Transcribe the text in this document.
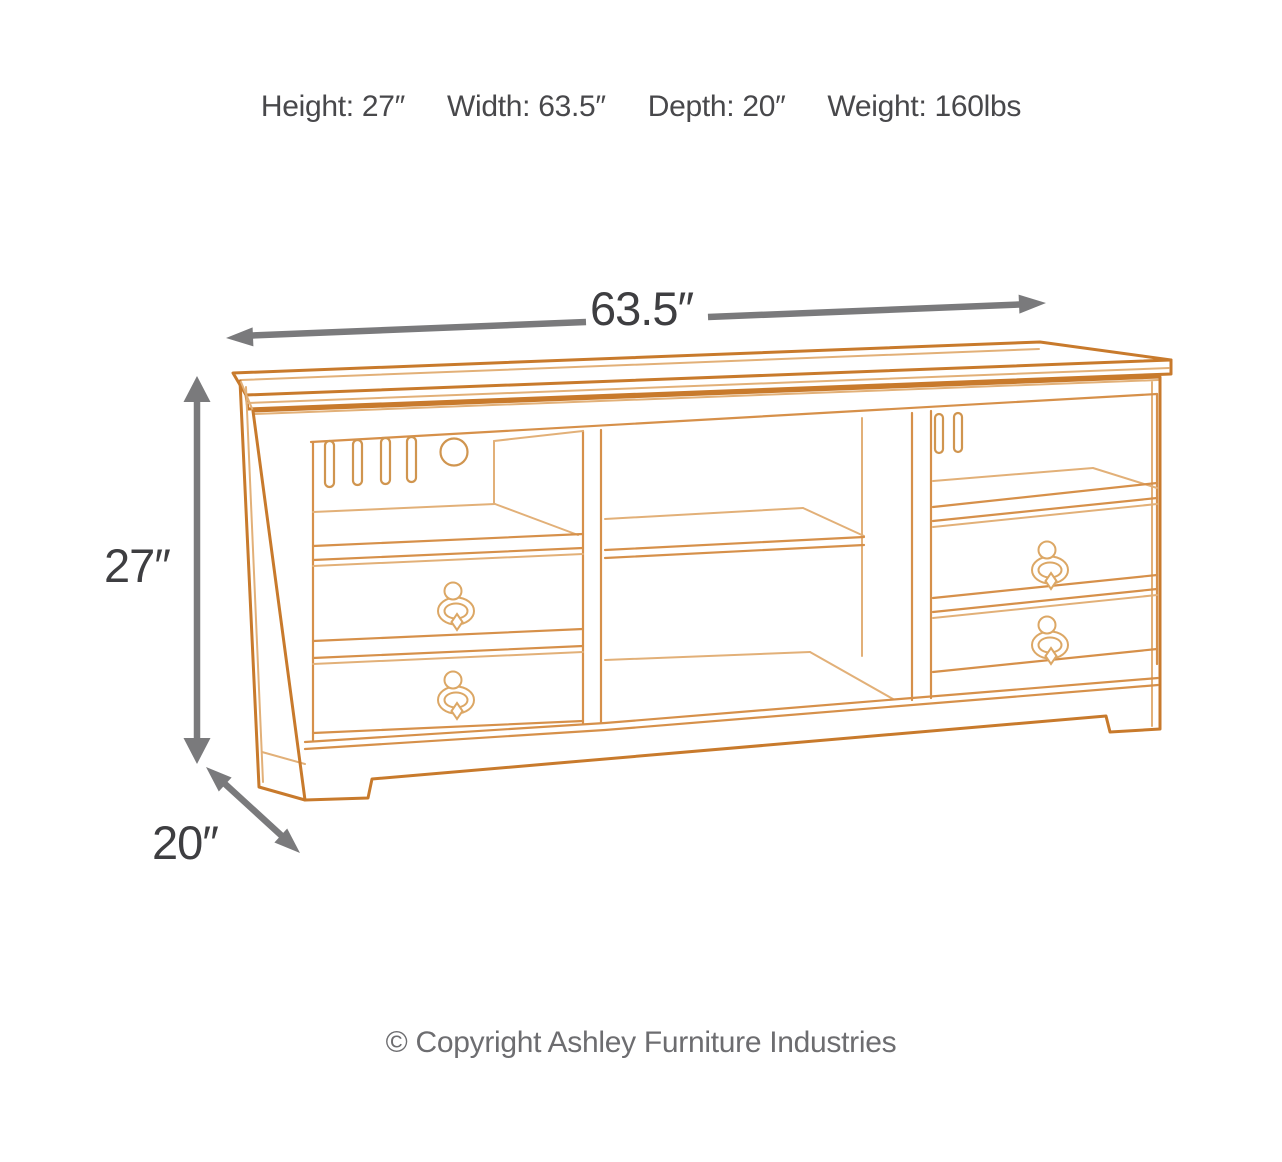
Height: 27″ Width: 63.5″ Depth: 20″ Weight: 160lbs
63.5″
27″
20″
© Copyright Ashley Furniture Industries
